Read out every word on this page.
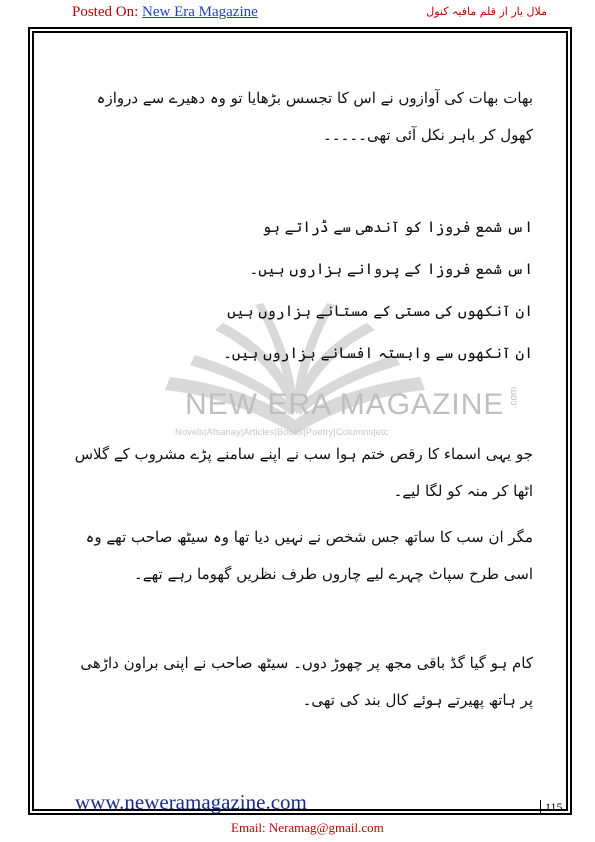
Posted On: New Era Magazine	ملال یار از قلم مافیہ کنول
NEW ERA MAGAZINE .com
Novels|Afsanay|Articles|Books|Poetry|Columns|etc
بھات بھات کی آوازوں نے اس کا تجسس بڑھایا تو وہ دھیرے سے دروازہ کھول کر باہر نکل آئی تھی۔۔۔۔۔
اس شمع فروزا کو آندھی سے ڈراتے ہو
اس شمع فروزا کے پروانے ہزاروں ہیں۔
ان آنکھوں کی مستی کے مستانے ہزاروں ہیں
ان آنکھوں سے وابستہ افسانے ہزاروں ہیں۔
جو یہی اسماء کا رقص ختم ہوا سب نے اپنے سامنے پڑے مشروب کے گلاس اٹھا کر منہ کو لگا لیے۔
مگر ان سب کا ساتھ جس شخص نے نہیں دیا تھا وہ سیٹھ صاحب تھے وہ اسی طرح سپاٹ چہرے لیے چاروں طرف نظریں گھوما رہے تھے۔
کام ہو گیا گڈ باقی مجھ پر چھوڑ دوں۔ سیٹھ صاحب نے اپنی براون داڑھی پر ہاتھ پھیرتے ہوئے کال بند کی تھی۔
www.neweramagazine.com	115
Email: Neramag@gmail.com
